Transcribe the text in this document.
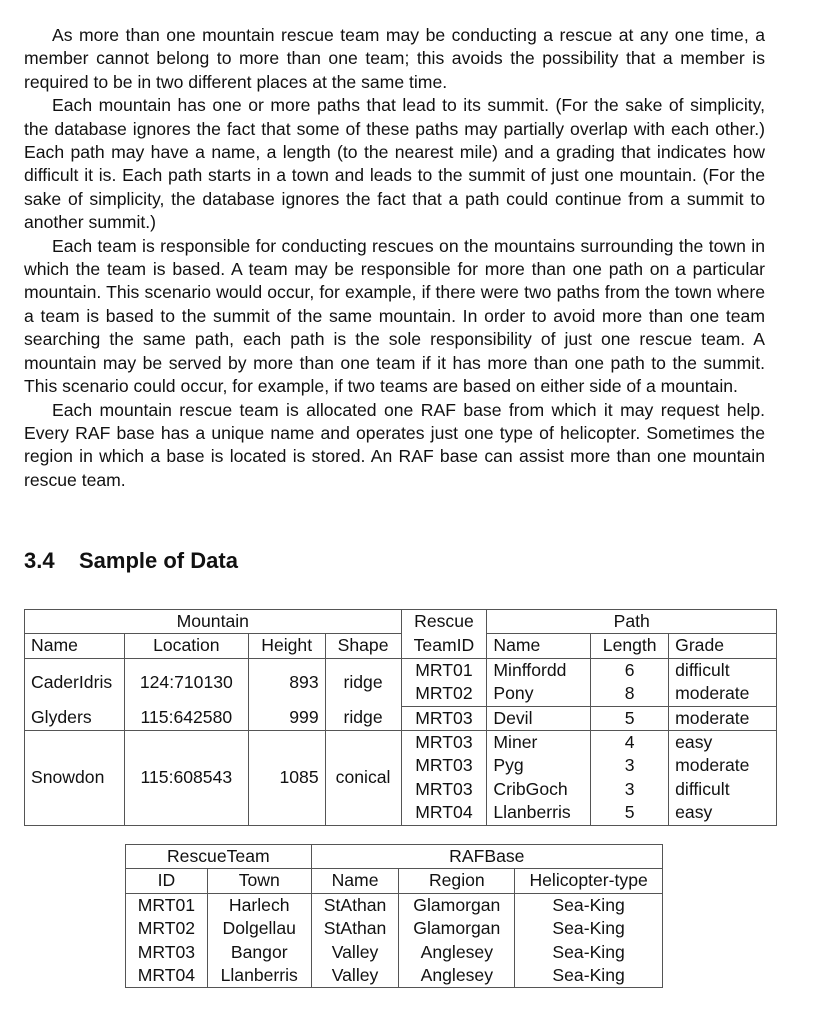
As more than one mountain rescue team may be conducting a rescue at any one time, a member cannot belong to more than one team; this avoids the possibility that a member is required to be in two different places at the same time.

Each mountain has one or more paths that lead to its summit. (For the sake of simplicity, the database ignores the fact that some of these paths may partially overlap with each other.) Each path may have a name, a length (to the nearest mile) and a grading that indicates how difficult it is. Each path starts in a town and leads to the summit of just one mountain. (For the sake of simplicity, the database ignores the fact that a path could continue from a summit to another summit.)

Each team is responsible for conducting rescues on the mountains surrounding the town in which the team is based. A team may be responsible for more than one path on a particular mountain. This scenario would occur, for example, if there were two paths from the town where a team is based to the summit of the same mountain. In order to avoid more than one team searching the same path, each path is the sole responsibility of just one rescue team. A mountain may be served by more than one team if it has more than one path to the summit. This scenario could occur, for example, if two teams are based on either side of a mountain.

Each mountain rescue team is allocated one RAF base from which it may request help. Every RAF base has a unique name and operates just one type of helicopter. Sometimes the region in which a base is located is stored. An RAF base can assist more than one mountain rescue team.

3.4 Sample of Data
Mountain				Rescue	Path		
Name	Location	Height	Shape	TeamID	Name	Length	Grade
CaderIdris	124:710130	893	ridge	MRT01	Minffordd	6	difficult
				MRT02	Pony	8	moderate
Glyders	115:642580	999	ridge	MRT03	Devil	5	moderate
Snowdon	115:608543	1085	conical	MRT03	Miner	4	easy
				MRT03	Pyg	3	moderate
				MRT03	CribGoch	3	difficult
				MRT04	Llanberris	5	easy
RescueTeam		RAFBase		
ID	Town	Name	Region	Helicopter-type
MRT01	Harlech	StAthan	Glamorgan	Sea-King
MRT02	Dolgellau	StAthan	Glamorgan	Sea-King
MRT03	Bangor	Valley	Anglesey	Sea-King
MRT04	Llanberris	Valley	Anglesey	Sea-King
